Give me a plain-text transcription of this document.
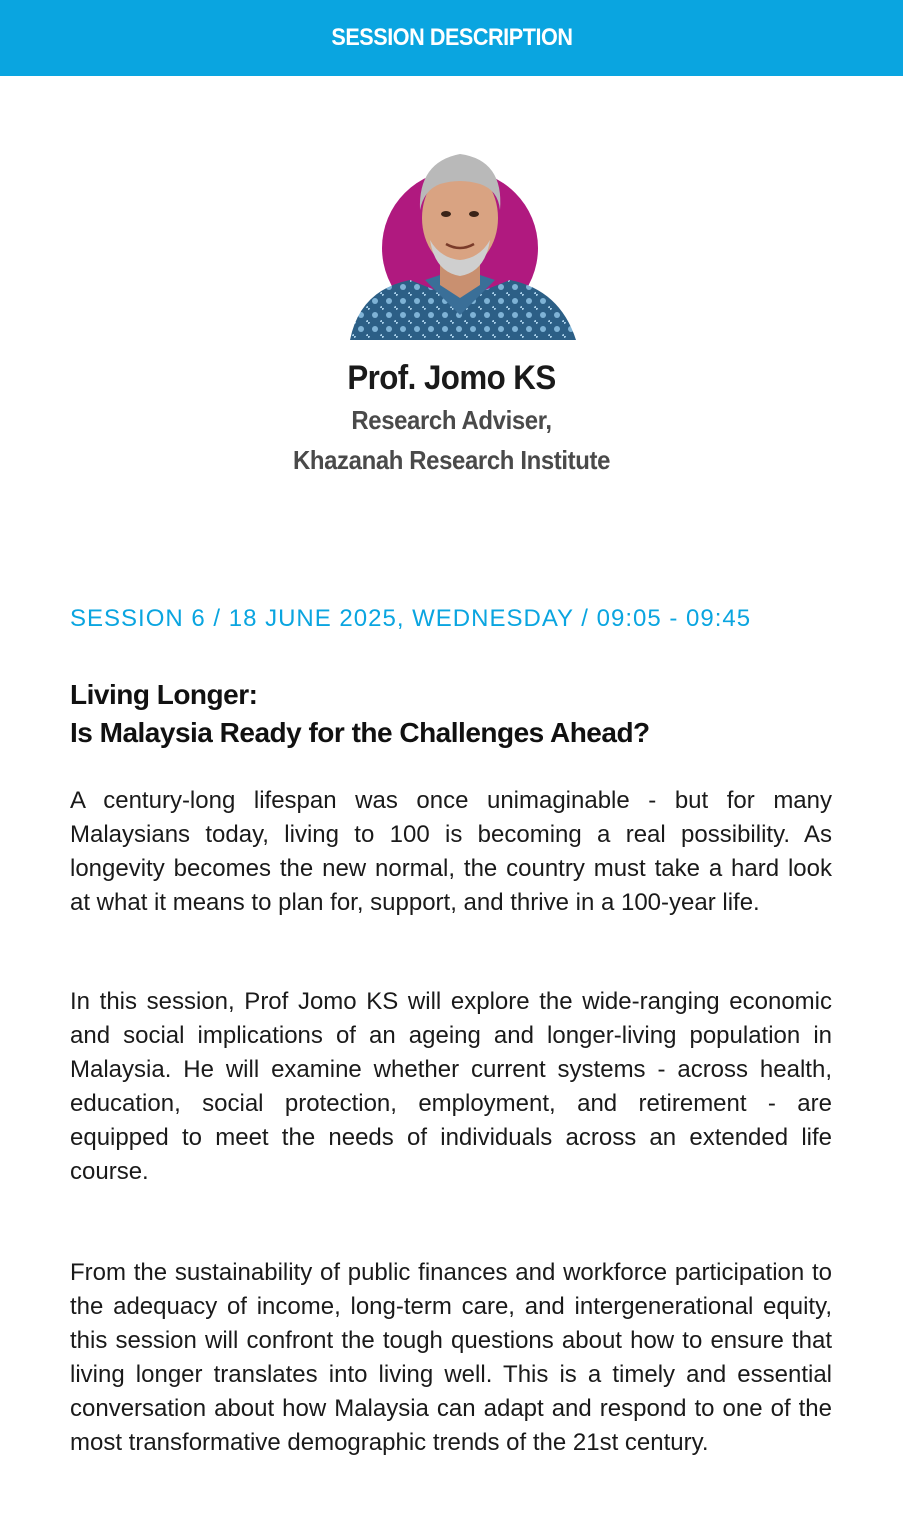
SESSION DESCRIPTION

Prof. Jomo KS

Research Adviser,

Khazanah Research Institute

SESSION 6 / 18 JUNE 2025, WEDNESDAY / 09:05 - 09:45
Living Longer:
Is Malaysia Ready for the Challenges Ahead?

A century-long lifespan was once unimaginable - but for many Malaysians today, living to 100 is becoming a real possibility. As longevity becomes the new normal, the country must take a hard look at what it means to plan for, support, and thrive in a 100-year life.

In this session, Prof Jomo KS will explore the wide-ranging economic and social implications of an ageing and longer-living population in Malaysia. He will examine whether current systems - across health, education, social protection, employment, and retirement - are equipped to meet the needs of individuals across an extended life course.

From the sustainability of public finances and workforce participation to the adequacy of income, long-term care, and intergenerational equity, this session will confront the tough questions about how to ensure that living longer translates into living well. This is a timely and essential conversation about how Malaysia can adapt and respond to one of the most transformative demographic trends of the 21st century.
